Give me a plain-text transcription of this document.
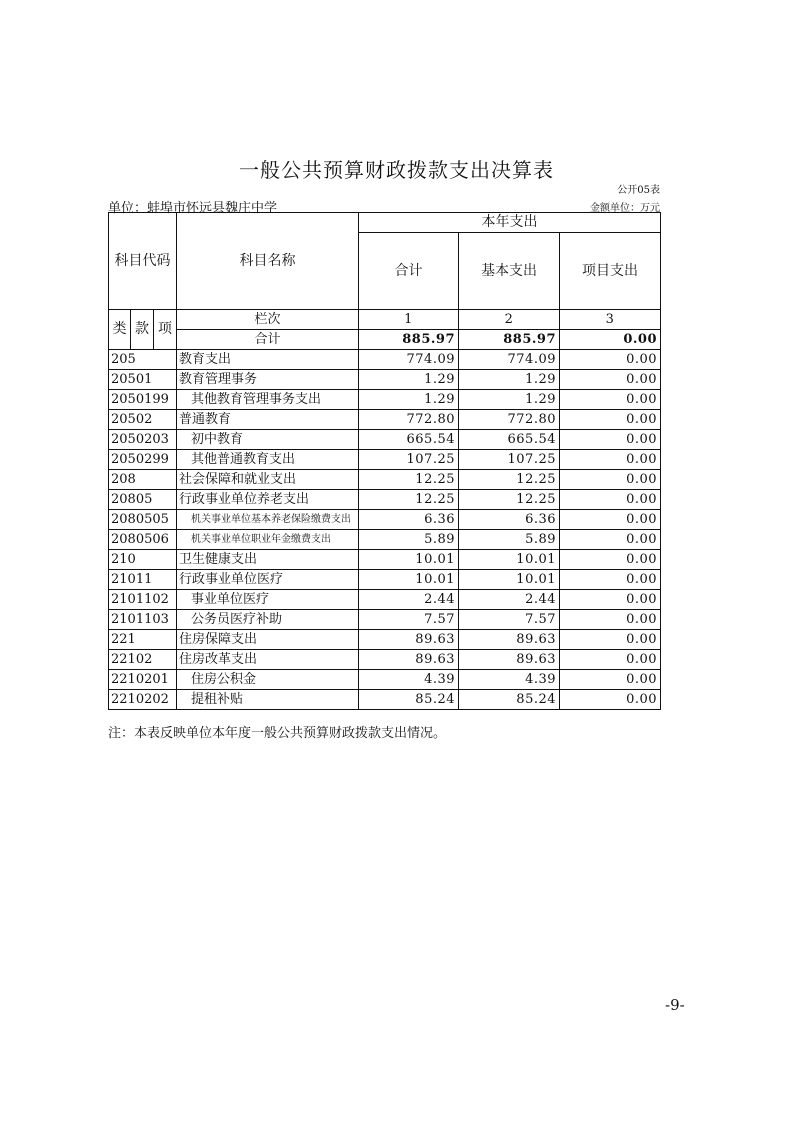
一般公共预算财政拨款支出决算表
公开05表
单位：蚌埠市怀远县魏庄中学	金额单位：万元
科目代码			科目名称	本年支出		
				合计	基本支出	项目支出
类	款	项	栏次	1	2	3
			合计	885.97	885.97	0.00
205			教育支出	774.09	774.09	0.00
20501			教育管理事务	1.29	1.29	0.00
2050199			其他教育管理事务支出	1.29	1.29	0.00
20502			普通教育	772.80	772.80	0.00
2050203			初中教育	665.54	665.54	0.00
2050299			其他普通教育支出	107.25	107.25	0.00
208			社会保障和就业支出	12.25	12.25	0.00
20805			行政事业单位养老支出	12.25	12.25	0.00
2080505			机关事业单位基本养老保险缴费支出	6.36	6.36	0.00
2080506			机关事业单位职业年金缴费支出	5.89	5.89	0.00
210			卫生健康支出	10.01	10.01	0.00
21011			行政事业单位医疗	10.01	10.01	0.00
2101102			事业单位医疗	2.44	2.44	0.00
2101103			公务员医疗补助	7.57	7.57	0.00
221			住房保障支出	89.63	89.63	0.00
22102			住房改革支出	89.63	89.63	0.00
2210201			住房公积金	4.39	4.39	0.00
2210202			提租补贴	85.24	85.24	0.00
注：本表反映单位本年度一般公共预算财政拨款支出情况。
-9-
